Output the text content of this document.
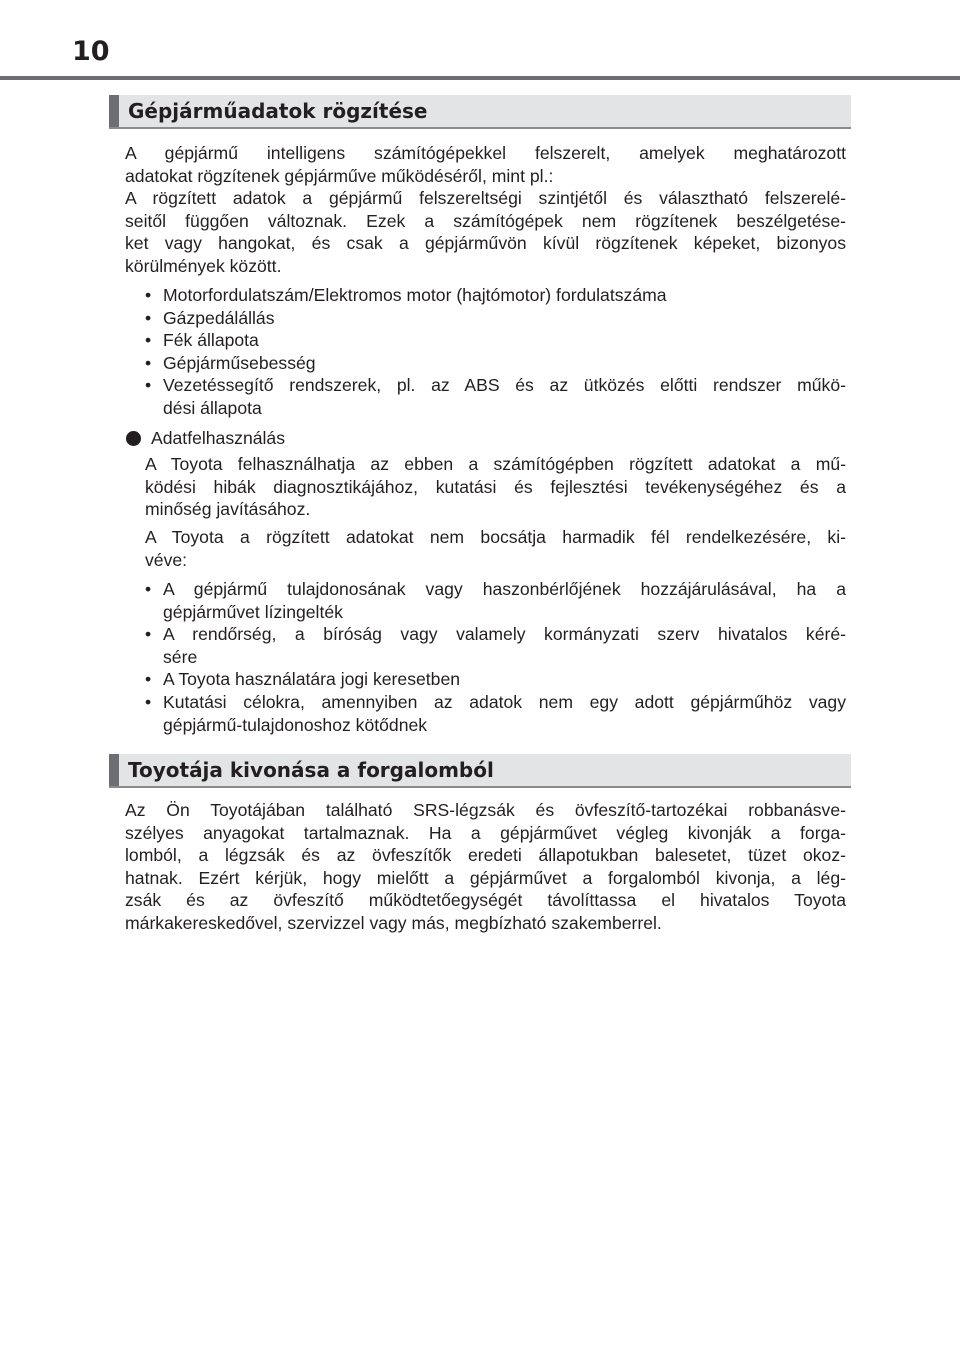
10
Gépjárműadatok rögzítése
A gépjármű intelligens számítógépekkel felszerelt, amelyek meghatározott
adatokat rögzítenek gépjárműve működéséről, mint pl.:
A rögzített adatok a gépjármű felszereltségi szintjétől és választható felszerelé-
seitől függően változnak. Ezek a számítógépek nem rögzítenek beszélgetése-
ket vagy hangokat, és csak a gépjárművön kívül rögzítenek képeket, bizonyos
körülmények között.
• Motorfordulatszám/Elektromos motor (hajtómotor) fordulatszáma
• Gázpedálállás
• Fék állapota
• Gépjárműsebesség
• Vezetéssegítő rendszerek, pl. az ABS és az ütközés előtti rendszer műkö-
dési állapota
Adatfelhasználás
A Toyota felhasználhatja az ebben a számítógépben rögzített adatokat a mű-
ködési hibák diagnosztikájához, kutatási és fejlesztési tevékenységéhez és a
minőség javításához.
A Toyota a rögzített adatokat nem bocsátja harmadik fél rendelkezésére, ki-
véve:
• A gépjármű tulajdonosának vagy haszonbérlőjének hozzájárulásával, ha a
gépjárművet lízingelték
• A rendőrség, a bíróság vagy valamely kormányzati szerv hivatalos kéré-
sére
• A Toyota használatára jogi keresetben
• Kutatási célokra, amennyiben az adatok nem egy adott gépjárműhöz vagy
gépjármű-tulajdonoshoz kötődnek
Toyotája kivonása a forgalomból
Az Ön Toyotájában található SRS-légzsák és övfeszítő-tartozékai robbanásve-
szélyes anyagokat tartalmaznak. Ha a gépjárművet végleg kivonják a forga-
lomból, a légzsák és az övfeszítők eredeti állapotukban balesetet, tüzet okoz-
hatnak. Ezért kérjük, hogy mielőtt a gépjárművet a forgalomból kivonja, a lég-
zsák és az övfeszítő működtetőegységét távolíttassa el hivatalos Toyota
márkakereskedővel, szervizzel vagy más, megbízható szakemberrel.
